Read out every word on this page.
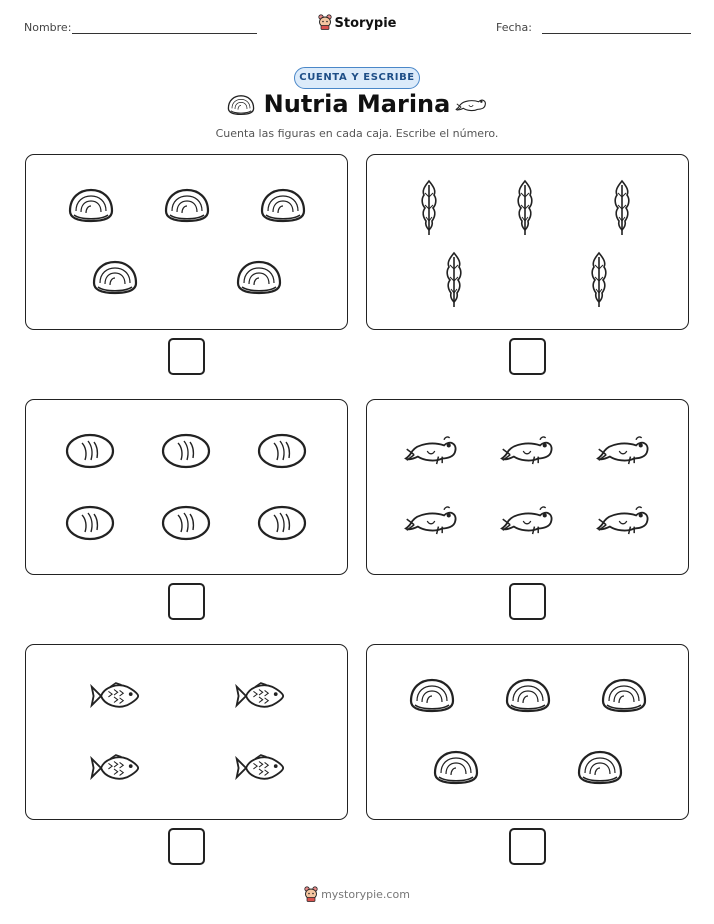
Nombre:	Fecha:
Storypie
CUENTA Y ESCRIBE
Nutria Marina
Cuenta las figuras en cada caja. Escribe el número.
mystorypie.com
